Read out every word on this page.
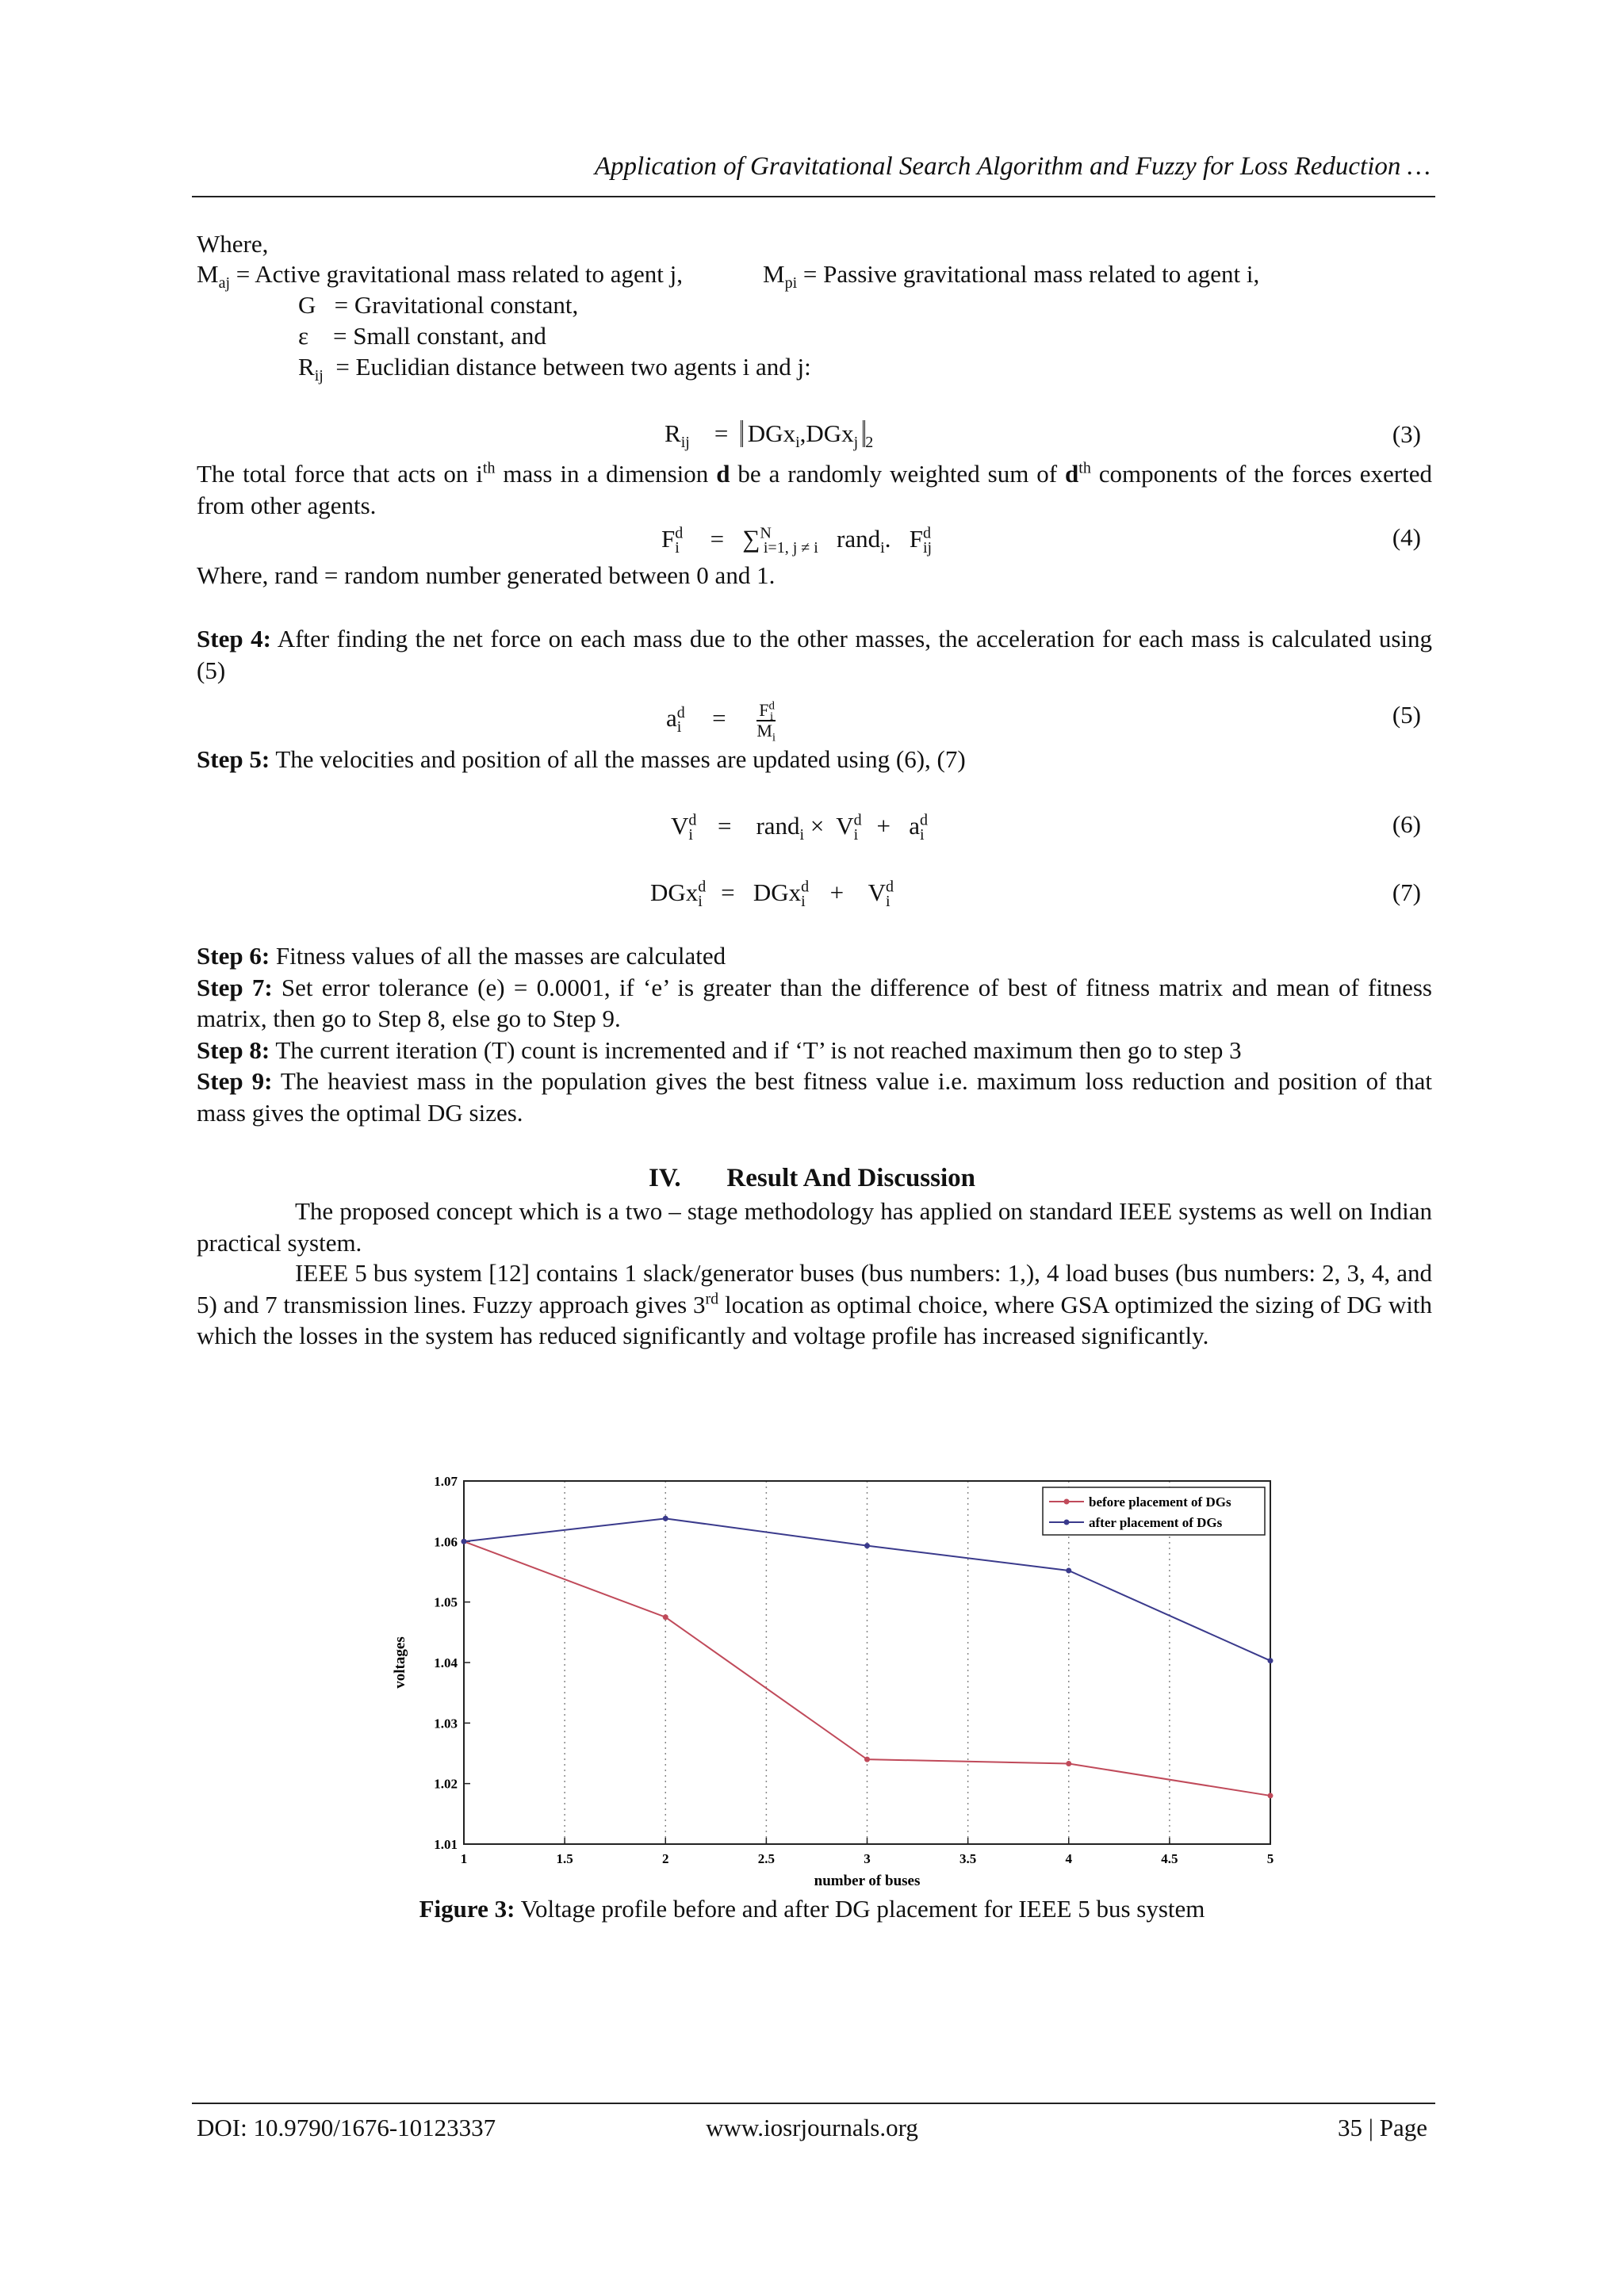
Application of Gravitational Search Algorithm and Fuzzy for Loss Reduction …
Where,
$M_{aj}$ = Active gravitational mass related to agent j,	$M_{pi}$ = Passive gravitational mass related to agent i,
G = Gravitational constant,
ε = Small constant, and
$R_{ij}$ = Euclidian distance between two agents i and j:
$R_{ij} = DGx_i,DGx_j$ $_2$	(3)
The total force that acts on $i^{th}$ mass in a dimension d be a randomly weighted sum of $d^{th}$ components of the forces exerted from other agents.
$F^d_i = \sum^N_{i=1, j \ne i}$ rand$_i$. $F^d_{ij}$	(4)
Where, rand = random number generated between 0 and 1.
Step 4: After finding the net force on each mass due to the other masses, the acceleration for each mass is calculated using (5)
$a^d_i = \frac{F^d_i}{M_i}$	(5)
Step 5: The velocities and position of all the masses are updated using (6), (7)
$V^d_i$ = rand$_i$ × $V^d_i + a^d_i$	(6)
$DGx^d_i = DGx^d_i + V^d_i$	(7)
Step 6: Fitness values of all the masses are calculated
Step 7: Set error tolerance (e) = 0.0001, if ‘e’ is greater than the difference of best of fitness matrix and mean of fitness matrix, then go to Step 8, else go to Step 9.
Step 8: The current iteration (T) count is incremented and if ‘T’ is not reached maximum then go to step 3
Step 9: The heaviest mass in the population gives the best fitness value i.e. maximum loss reduction and position of that mass gives the optimal DG sizes.
IV. Result And Discussion
The proposed concept which is a two – stage methodology has applied on standard IEEE systems as well on Indian practical system.
IEEE 5 bus system [12] contains 1 slack/generator buses (bus numbers: 1,), 4 load buses (bus numbers: 2, 3, 4, and 5) and 7 transmission lines. Fuzzy approach gives 3rd location as optimal choice, where GSA optimized the sizing of DG with which the losses in the system has reduced significantly and voltage profile has increased significantly.
1	1.5	2	2.5	3	3.5	4	4.5	5
1.01
1.02
1.03
1.04
1.05
1.06
1.07
number of buses
voltages
before placement of DGs
after placement of DGs
Figure 3: Voltage profile before and after DG placement for IEEE 5 bus system
DOI: 10.9790/1676-10123337	www.iosrjournals.org	35 | Page
